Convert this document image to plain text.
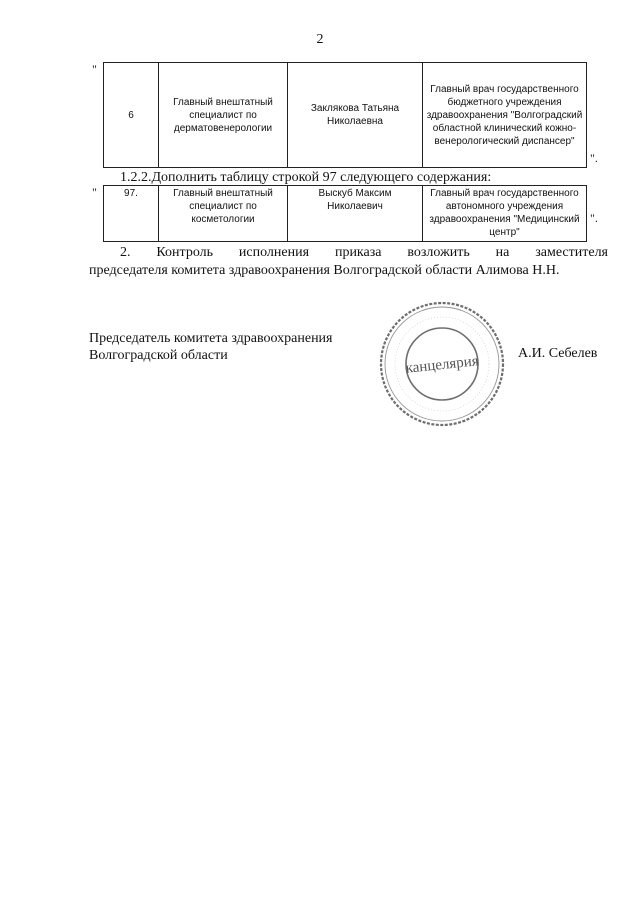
2
"
6	Главный внештатный специалист по дерматовенерологии	Заклякова Татьяна Николаевна	Главный врач государственного бюджетного учреждения здравоохранения "Волгоградский областной клинический кожно-венерологический диспансер"
".
1.2.2.Дополнить таблицу строкой 97 следующего содержания:
"	97.	Главный внештатный специалист по косметологии	Выскуб Максим Николаевич	Главный врач государственного автономного учреждения здравоохранения "Медицинский центр"
".
2. Контроль исполнения приказа возложить на заместителя
председателя комитета здравоохранения Волгоградской области Алимова Н.Н.
Председатель комитета здравоохранения
Волгоградской области	канцелярия	А.И. Себелев
